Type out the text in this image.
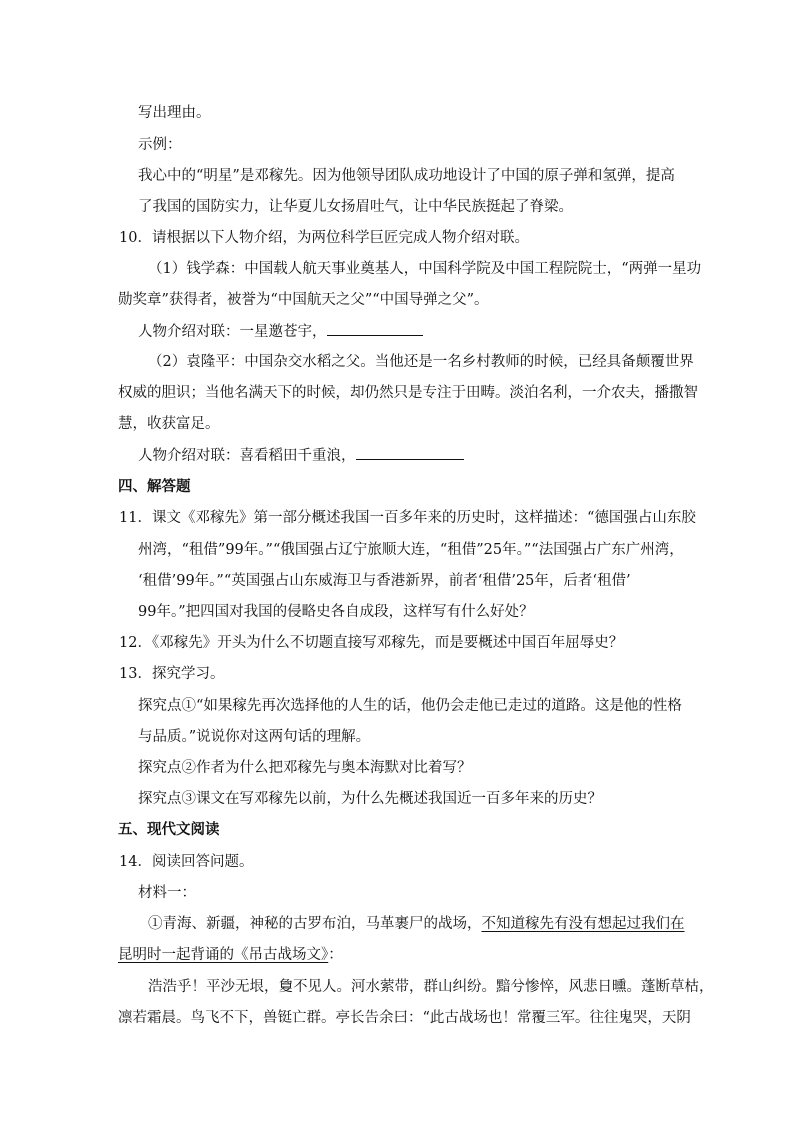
写出理由。
示例：
我心中的“明星”是邓稼先。因为他领导团队成功地设计了中国的原子弹和氢弹，提高
了我国的国防实力，让华夏儿女扬眉吐气，让中华民族挺起了脊梁。
10．请根据以下人物介绍，为两位科学巨匠完成人物介绍对联。
（1）钱学森：中国载人航天事业奠基人，中国科学院及中国工程院院士，“两弹一星功
勋奖章”获得者，被誉为“中国航天之父”“中国导弹之父”。
人物介绍对联：一星邀苍宇，
（2）袁隆平：中国杂交水稻之父。当他还是一名乡村教师的时候，已经具备颠覆世界
权威的胆识；当他名满天下的时候，却仍然只是专注于田畴。淡泊名利，一介农夫，播撒智
慧，收获富足。
人物介绍对联：喜看稻田千重浪，
四、解答题
11．课文《邓稼先》第一部分概述我国一百多年来的历史时，这样描述：“德国强占山东胶
州湾，“租借”99年。”“俄国强占辽宁旅顺大连，“租借”25年。”“法国强占广东广州湾，
‘租借’99年。”“英国强占山东威海卫与香港新界，前者‘租借’25年，后者‘租借’
99年。”把四国对我国的侵略史各自成段，这样写有什么好处？
12．《邓稼先》开头为什么不切题直接写邓稼先，而是要概述中国百年屈辱史？
13．探究学习。
探究点①“如果稼先再次选择他的人生的话，他仍会走他已走过的道路。这是他的性格
与品质。”说说你对这两句话的理解。
探究点②作者为什么把邓稼先与奥本海默对比着写？
探究点③课文在写邓稼先以前，为什么先概述我国近一百多年来的历史？
五、现代文阅读
14．阅读回答问题。
材料一：
①青海、新疆，神秘的古罗布泊，马革裹尸的战场，不知道稼先有没有想起过我们在
昆明时一起背诵的《吊古战场文》：
浩浩乎！平沙无垠，敻不见人。河水萦带，群山纠纷。黯兮惨悴，风悲日曛。蓬断草枯，
凛若霜晨。鸟飞不下，兽铤亡群。亭长告余曰：“此古战场也！常覆三军。往往鬼哭，天阴
